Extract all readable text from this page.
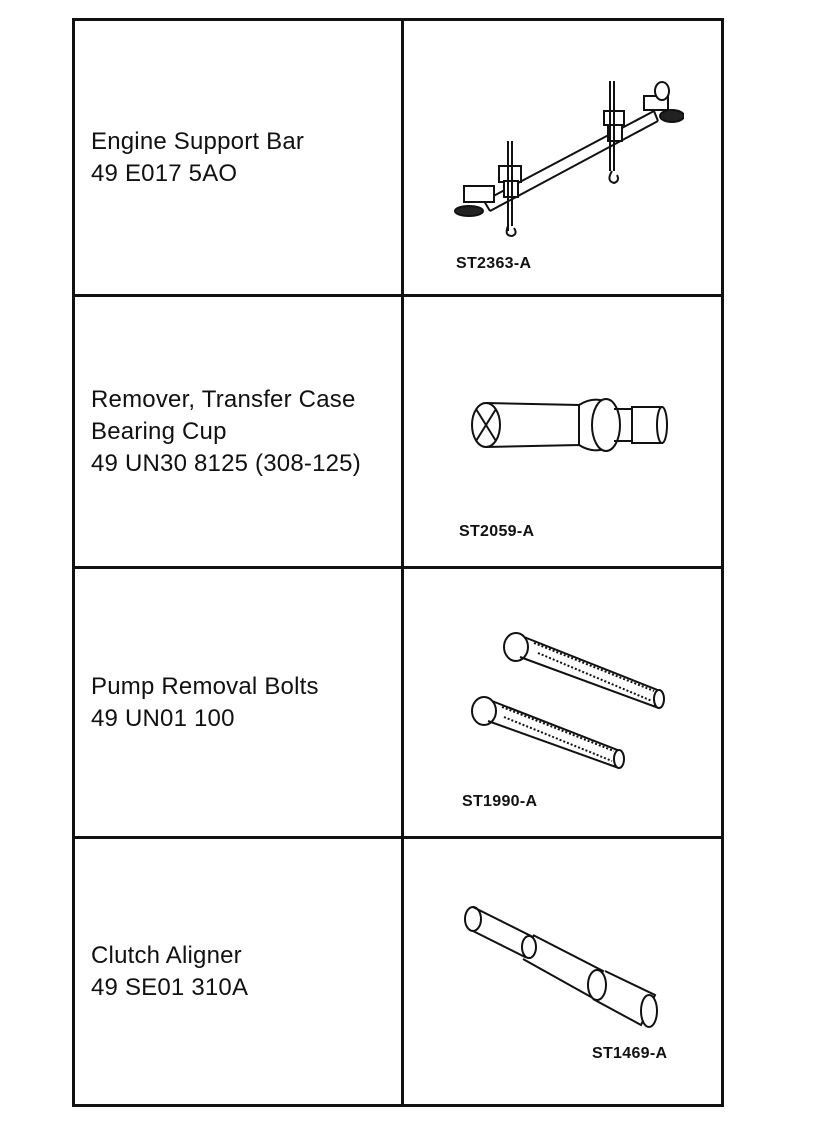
Engine Support Bar
49 E017 5AO	ST2363-A

Remover, Transfer Case
Bearing Cup
49 UN30 8125 (308-125)	ST2059-A

Pump Removal Bolts
49 UN01 100	ST1990-A

Clutch Aligner
49 SE01 310A	ST1469-A
